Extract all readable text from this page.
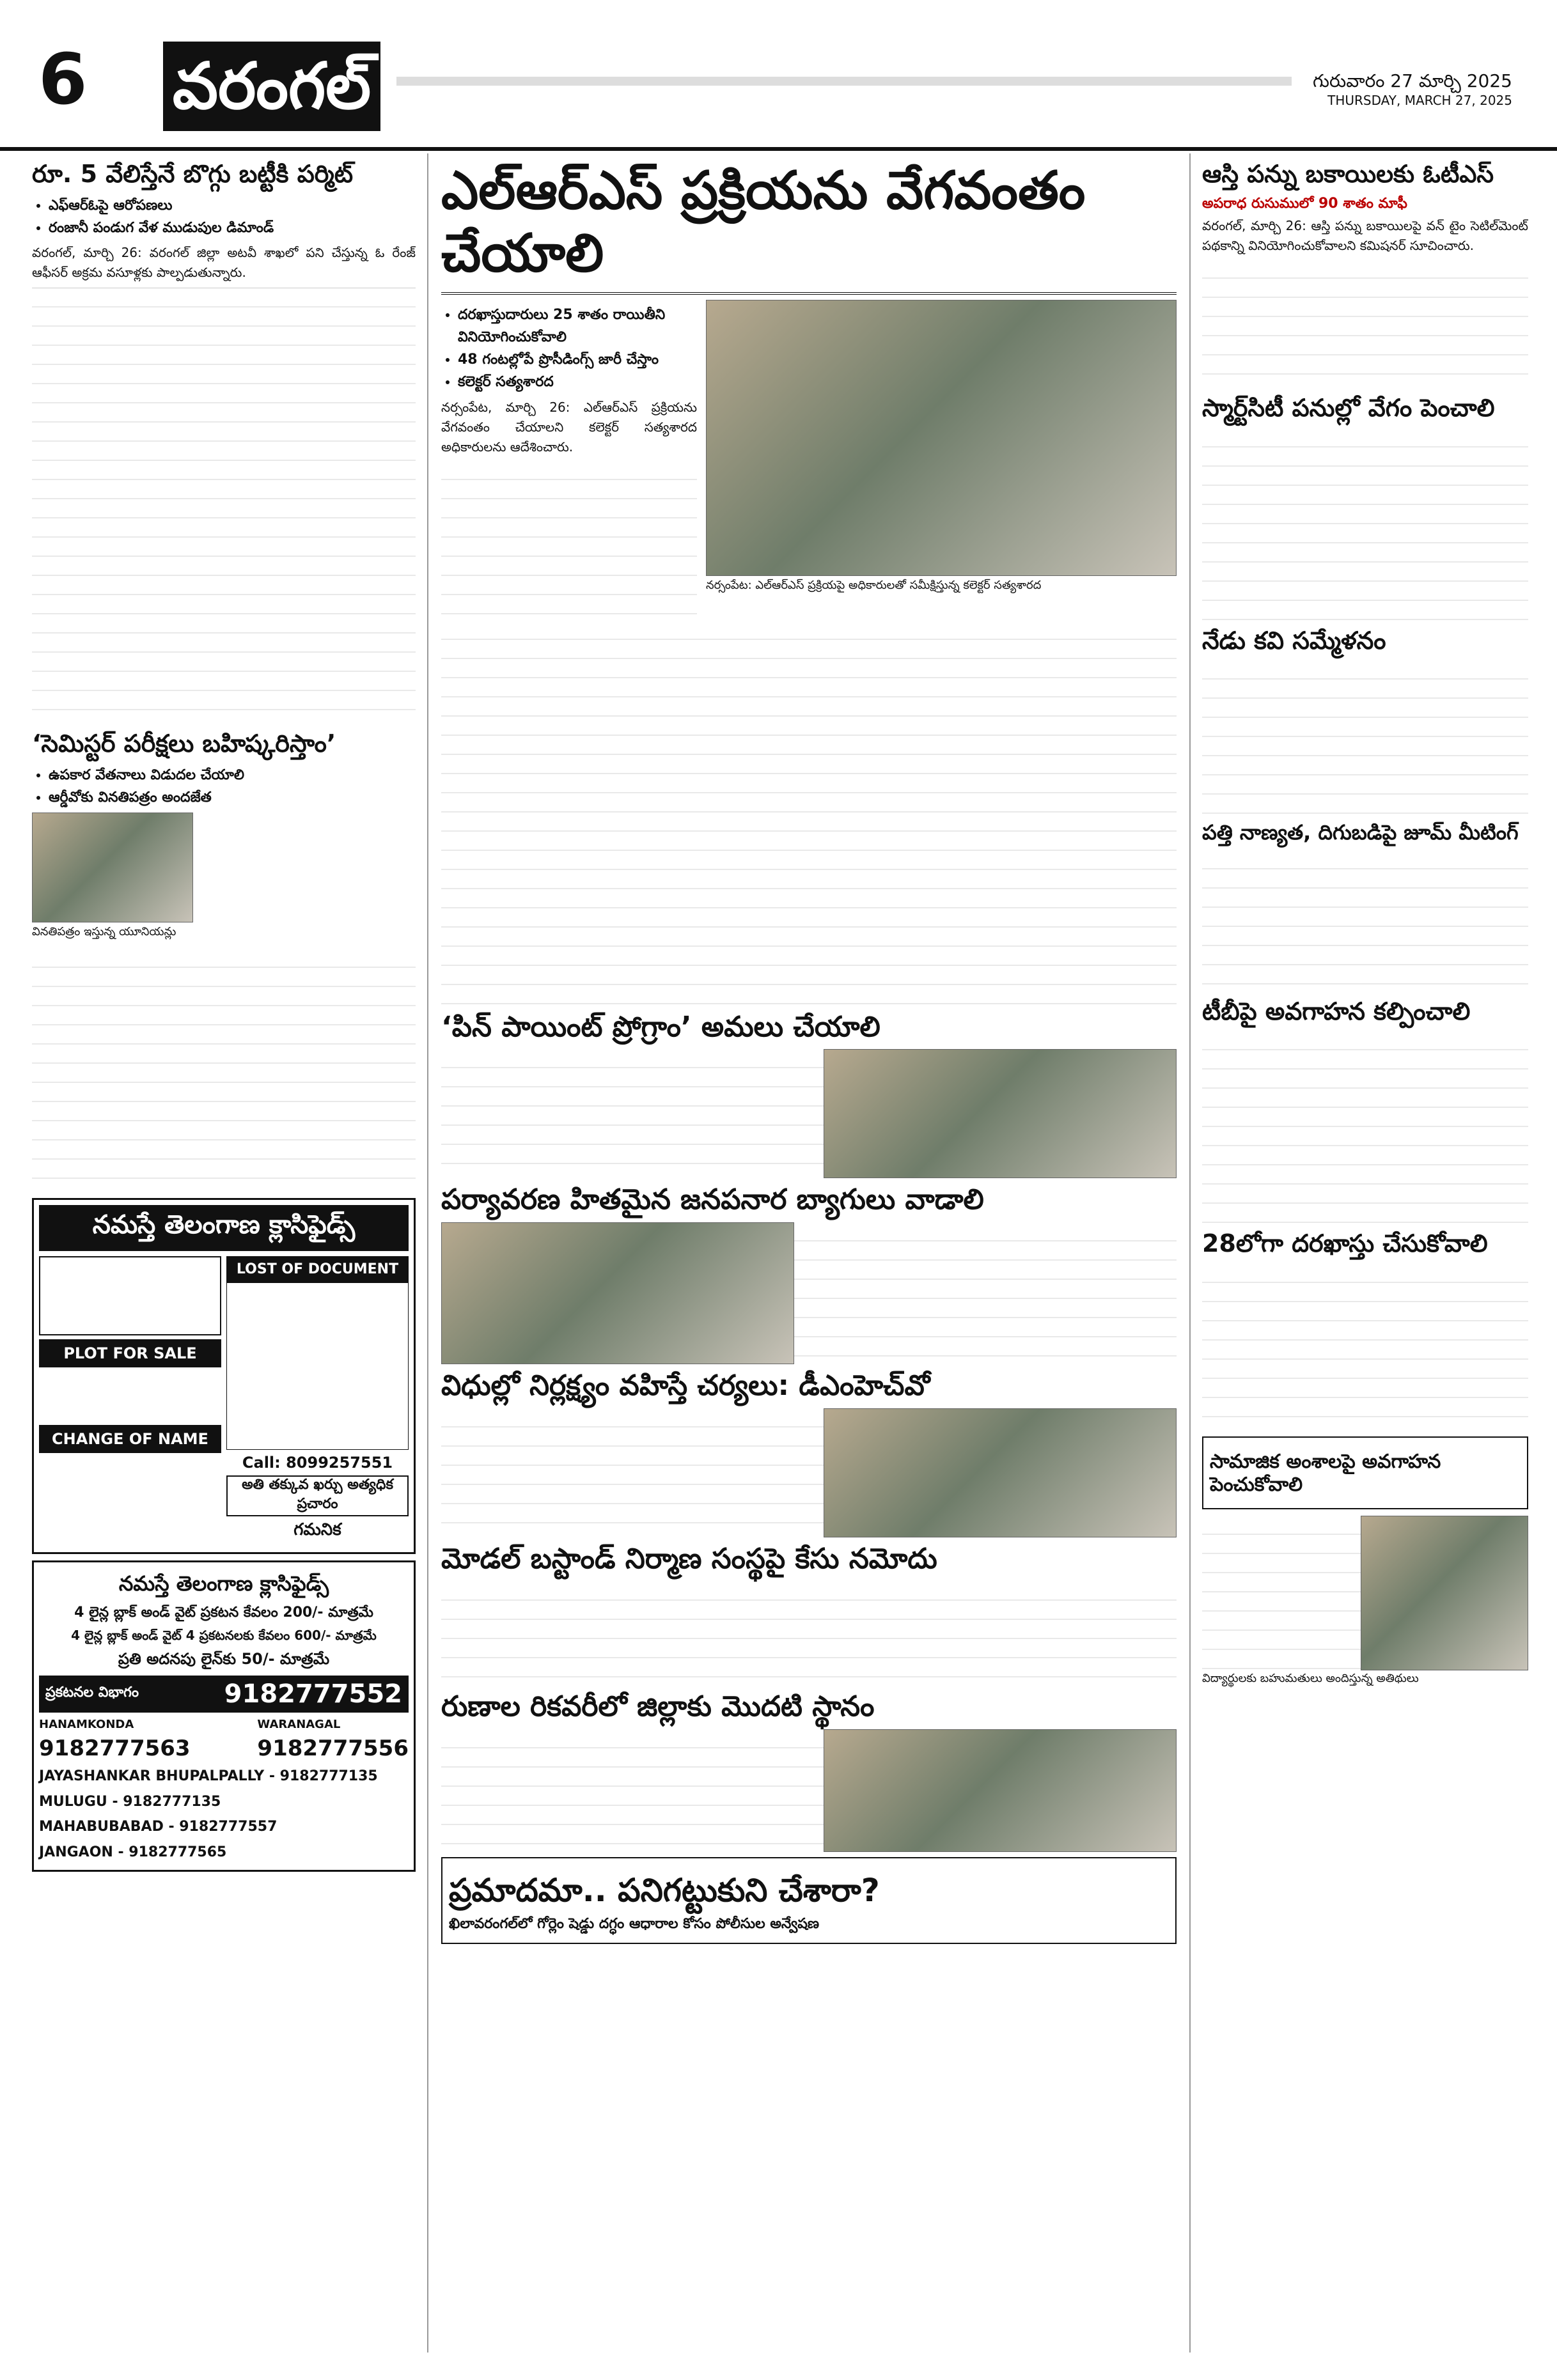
6	వరంగల్	గురువారం 27 మార్చి 2025
THURSDAY, MARCH 27, 2025
రూ. 5 వేలిస్తేనే బొగ్గు బట్టీకి పర్మిట్‌
• ఎఫ్‌ఆర్‌ఓపై ఆరోపణలు
• రంజానీ పండుగ వేళ ముడుపుల డిమాండ్‌

వరంగల్‌, మార్చి 26: వరంగల్‌ జిల్లా అటవీ శాఖలో పని చేస్తున్న ఓ రేంజ్‌ ఆఫీసర్‌ అక్రమ వసూళ్లకు పాల్పడుతున్నారు.

‘సెమిస్టర్‌ పరీక్షలు బహిష్కరిస్తాం’
• ఉపకార వేతనాలు విడుదల చేయాలి
• ఆర్డీవోకు వినతిపత్రం అందజేత
వినతిపత్రం ఇస్తున్న యూనియన్లు
నమస్తే తెలంగాణ క్లాసిఫైడ్స్‌
PLOT FOR SALE
CHANGE OF NAME
LOST OF DOCUMENT
Call: 8099257551
అతి తక్కువ ఖర్చు అత్యధిక ప్రచారం
గమనిక
నమస్తే తెలంగాణ క్లాసిఫైడ్స్‌
4 లైన్ల బ్లాక్‌ అండ్‌ వైట్‌ ప్రకటన కేవలం 200/- మాత్రమే
4 లైన్ల బ్లాక్‌ అండ్‌ వైట్‌ 4 ప్రకటనలకు కేవలం 600/- మాత్రమే
ప్రతి అదనపు లైన్‌కు 50/- మాత్రమే
ప్రకటనల విభాగం	9182777552
HANAMKONDA
9182777563
WARANAGAL
9182777556
JAYASHANKAR BHUPALPALLY - 9182777135
MULUGU - 9182777135
MAHABUBABAD - 9182777557
JANGAON - 9182777565
ఎల్‌ఆర్‌ఎస్‌ ప్రక్రియను వేగవంతం చేయాలి
• దరఖాస్తుదారులు 25 శాతం రాయితీని వినియోగించుకోవాలి
• 48 గంటల్లోపే ప్రొసీడింగ్స్‌ జారీ చేస్తాం
• కలెక్టర్‌ సత్యశారద

నర్సంపేట, మార్చి 26: ఎల్‌ఆర్‌ఎస్‌ ప్రక్రియను వేగవంతం చేయాలని కలెక్టర్‌ సత్యశారద అధికారులను ఆదేశించారు.

నర్సంపేట: ఎల్‌ఆర్‌ఎస్‌ ప్రక్రియపై అధికారులతో సమీక్షిస్తున్న కలెక్టర్‌ సత్యశారద
‘పిన్‌ పాయింట్‌ ప్రోగ్రాం’ అమలు చేయాలి
పర్యావరణ హితమైన జనపనార బ్యాగులు వాడాలి
విధుల్లో నిర్లక్ష్యం వహిస్తే చర్యలు: డీఎంహెచ్‌వో
మోడల్‌ బస్టాండ్‌ నిర్మాణ సంస్థపై కేసు నమోదు
రుణాల రికవరీలో జిల్లాకు మొదటి స్థానం
ప్రమాదమా.. పనిగట్టుకుని చేశారా?
ఖిలావరంగల్‌లో గోర్లెం షెడ్డు దగ్ధం ఆధారాల కోసం పోలీసుల అన్వేషణ
ఆస్తి పన్ను బకాయిలకు ఓటీఎస్‌
అపరాధ రుసుములో 90 శాతం మాఫీ

వరంగల్‌, మార్చి 26: ఆస్తి పన్ను బకాయిలపై వన్‌ టైం సెటిల్‌మెంట్‌ పథకాన్ని వినియోగించుకోవాలని కమిషనర్‌ సూచించారు.

స్మార్ట్‌సిటీ పనుల్లో వేగం పెంచాలి
నేడు కవి సమ్మేళనం
పత్తి నాణ్యత, దిగుబడిపై జూమ్‌ మీటింగ్‌
టీబీపై అవగాహన కల్పించాలి
28లోగా దరఖాస్తు చేసుకోవాలి
సామాజిక అంశాలపై అవగాహన పెంచుకోవాలి
విద్యార్థులకు బహుమతులు అందిస్తున్న అతిథులు
